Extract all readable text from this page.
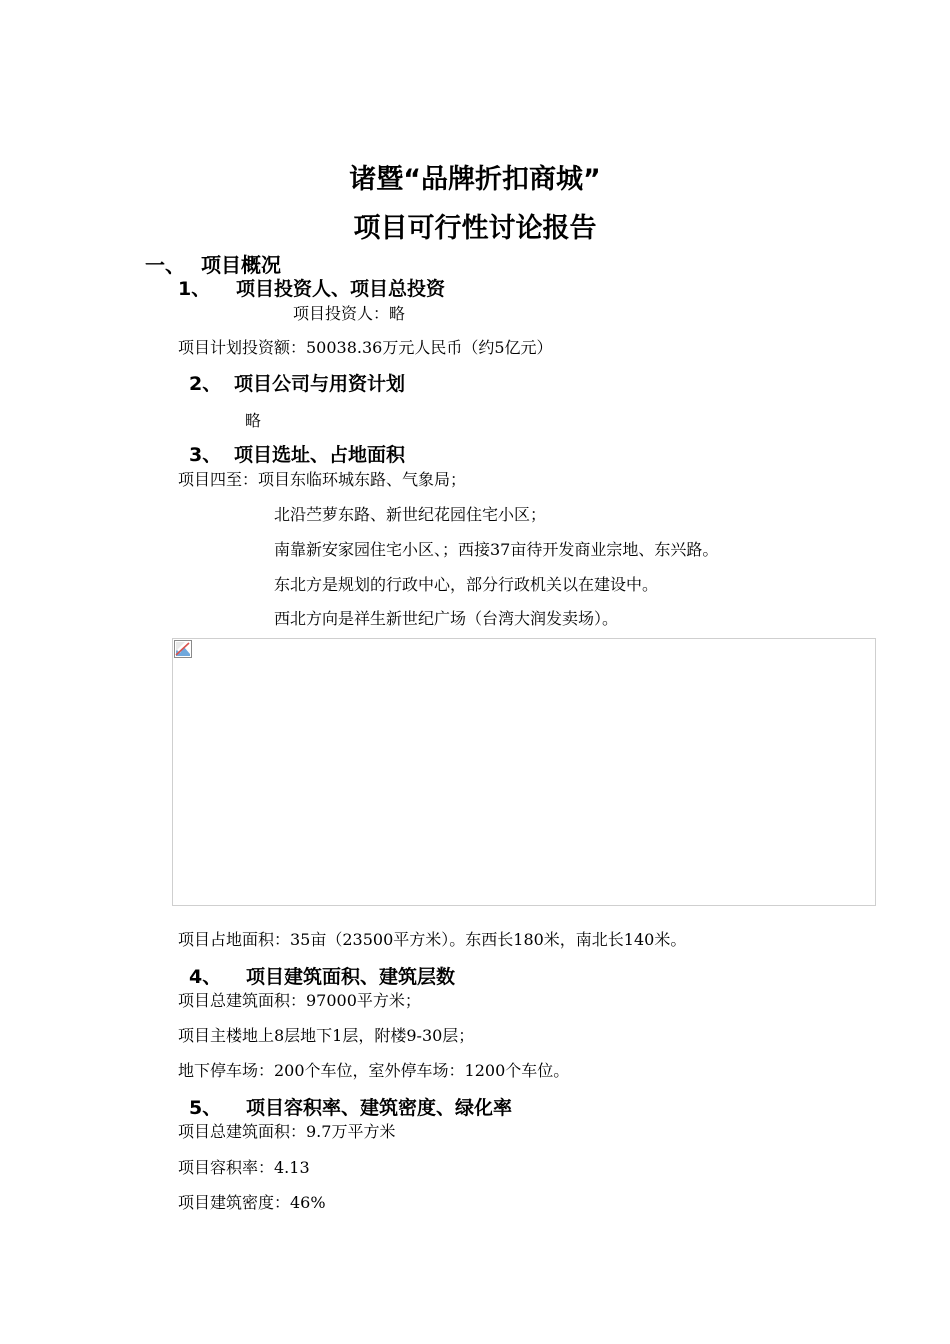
诸暨“品牌折扣商城”
项目可行性讨论报告
一、 项目概况
1、 项目投资人、项目总投资
项目投资人：略
项目计划投资额：50038.36万元人民币（约5亿元）
2、 项目公司与用资计划
略
3、 项目选址、占地面积
项目四至：项目东临环城东路、气象局；
北沿苎萝东路、新世纪花园住宅小区；
南靠新安家园住宅小区、；西接37亩待开发商业宗地、东兴路。
东北方是规划的行政中心，部分行政机关以在建设中。
西北方向是祥生新世纪广场（台湾大润发卖场）。
项目占地面积：35亩（23500平方米）。东西长180米，南北长140米。
4、 项目建筑面积、建筑层数
项目总建筑面积：97000平方米；
项目主楼地上8层地下1层，附楼9-30层；
地下停车场：200个车位，室外停车场：1200个车位。
5、 项目容积率、建筑密度、绿化率
项目总建筑面积：9.7万平方米
项目容积率：4.13
项目建筑密度：46%
